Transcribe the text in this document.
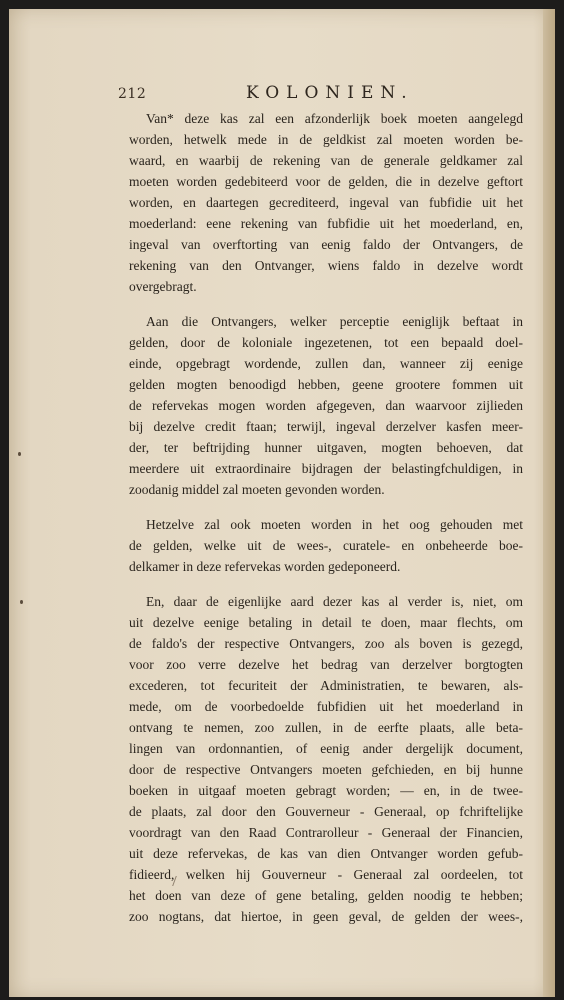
212	KOLONIEN.
Van* deze kas zal een afzonderlijk boek moeten aangelegd
worden, hetwelk mede in de geldkist zal moeten worden be-
waard, en waarbij de rekening van de generale geldkamer zal
moeten worden gedebiteerd voor de gelden, die in dezelve geftort
worden, en daartegen gecrediteerd, ingeval van fubfidie uit het
moederland: eene rekening van fubfidie uit het moederland, en,
ingeval van overftorting van eenig faldo der Ontvangers, de
rekening van den Ontvanger, wiens faldo in dezelve wordt
overgebragt.
Aan die Ontvangers, welker perceptie eeniglijk beftaat in
gelden, door de koloniale ingezetenen, tot een bepaald doel-
einde, opgebragt wordende, zullen dan, wanneer zij eenige
gelden mogten benoodigd hebben, geene grootere fommen uit
de refervekas mogen worden afgegeven, dan waarvoor zijlieden
bij dezelve credit ftaan; terwijl, ingeval derzelver kasfen meer-
der, ter beftrijding hunner uitgaven, mogten behoeven, dat
meerdere uit extraordinaire bijdragen der belastingfchuldigen, in
zoodanig middel zal moeten gevonden worden.
Hetzelve zal ook moeten worden in het oog gehouden met
de gelden, welke uit de wees-, curatele- en onbeheerde boe-
delkamer in deze refervekas worden gedeponeerd.
En, daar de eigenlijke aard dezer kas al verder is, niet, om
uit dezelve eenige betaling in detail te doen, maar flechts, om
de faldo's der respective Ontvangers, zoo als boven is gezegd,
voor zoo verre dezelve het bedrag van derzelver borgtogten
excederen, tot fecuriteit der Administratien, te bewaren, als-
mede, om de voorbedoelde fubfidien uit het moederland in
ontvang te nemen, zoo zullen, in de eerfte plaats, alle beta-
lingen van ordonnantien, of eenig ander dergelijk document,
door de respective Ontvangers moeten gefchieden, en bij hunne
boeken in uitgaaf moeten gebragt worden; — en, in de twee-
de plaats, zal door den Gouverneur - Generaal, op fchriftelijke
voordragt van den Raad Contrarolleur - Generaal der Financien,
uit deze refervekas, de kas van dien Ontvanger worden gefub-
fidieerd, welken hij Gouverneur - Generaal zal oordeelen, tot
het doen van deze of gene betaling, gelden noodig te hebben;
zoo nogtans, dat hiertoe, in geen geval, de gelden der wees-,
